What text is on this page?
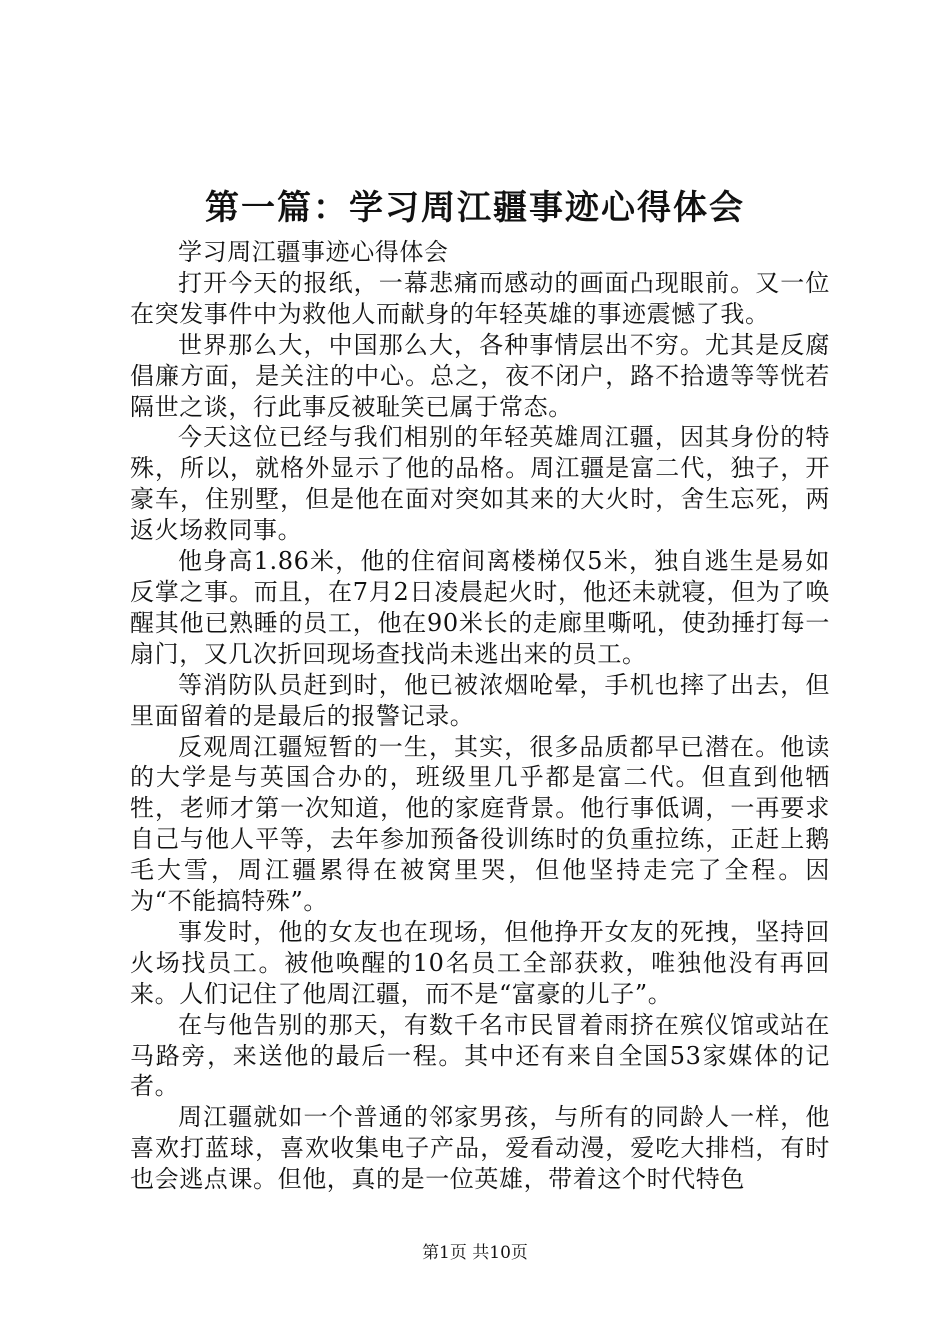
第一篇：学习周江疆事迹心得体会

学习周江疆事迹心得体会

打开今天的报纸，一幕悲痛而感动的画面凸现眼前。又一位在突发事件中为救他人而献身的年轻英雄的事迹震憾了我。

世界那么大，中国那么大，各种事情层出不穷。尤其是反腐倡廉方面，是关注的中心。总之，夜不闭户，路不拾遗等等恍若隔世之谈，行此事反被耻笑已属于常态。

今天这位已经与我们相别的年轻英雄周江疆，因其身份的特殊，所以，就格外显示了他的品格。周江疆是富二代，独子，开豪车，住别墅，但是他在面对突如其来的大火时，舍生忘死，两返火场救同事。

他身高1.86米，他的住宿间离楼梯仅5米，独自逃生是易如反掌之事。而且，在7月2日凌晨起火时，他还未就寝，但为了唤醒其他已熟睡的员工，他在90米长的走廊里嘶吼，使劲捶打每一扇门，又几次折回现场查找尚未逃出来的员工。

等消防队员赶到时，他已被浓烟呛晕，手机也摔了出去，但里面留着的是最后的报警记录。

反观周江疆短暂的一生，其实，很多品质都早已潜在。他读的大学是与英国合办的，班级里几乎都是富二代。但直到他牺牲，老师才第一次知道，他的家庭背景。他行事低调，一再要求自己与他人平等，去年参加预备役训练时的负重拉练，正赶上鹅毛大雪，周江疆累得在被窝里哭，但他坚持走完了全程。因为“不能搞特殊”。

事发时，他的女友也在现场，但他挣开女友的死拽，坚持回火场找员工。被他唤醒的10名员工全部获救，唯独他没有再回来。人们记住了他周江疆，而不是“富豪的儿子”。

在与他告别的那天，有数千名市民冒着雨挤在殡仪馆或站在马路旁，来送他的最后一程。其中还有来自全国53家媒体的记者。

周江疆就如一个普通的邻家男孩，与所有的同龄人一样，他喜欢打蓝球，喜欢收集电子产品，爱看动漫，爱吃大排档，有时也会逃点课。但他，真的是一位英雄，带着这个时代特色

第1页 共10页
